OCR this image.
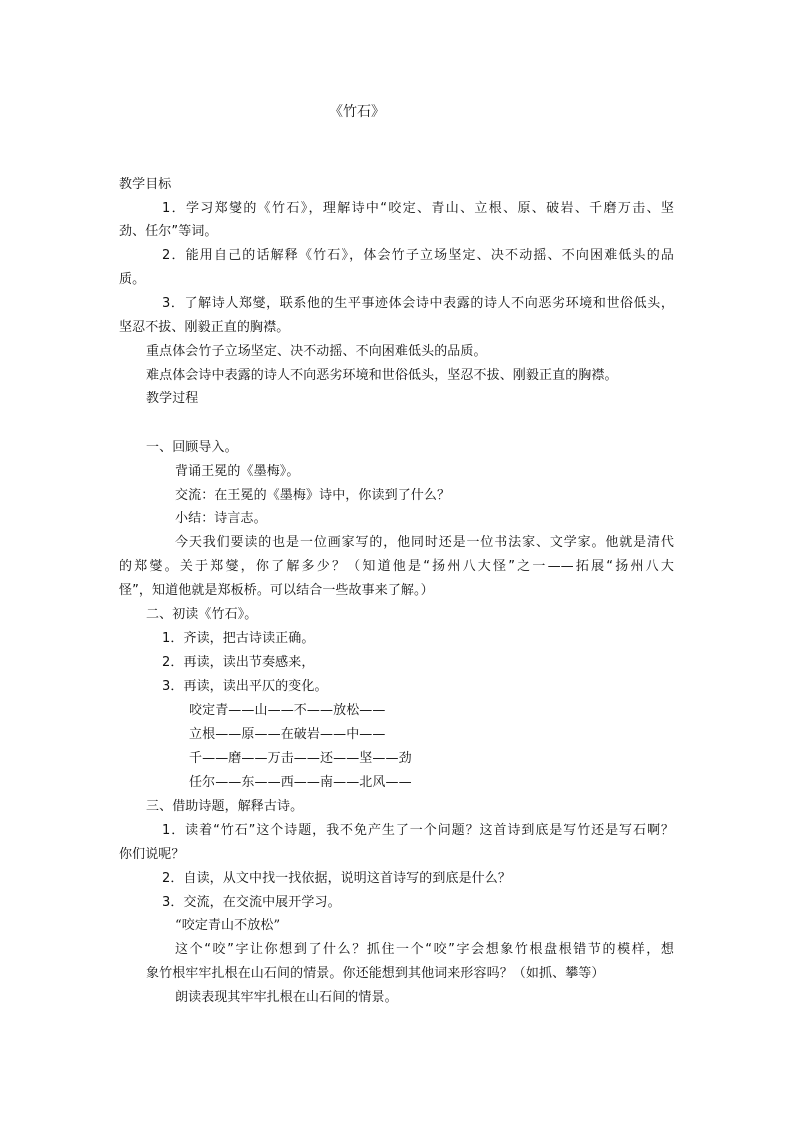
《竹石》
教学目标
1．学习郑燮的《竹石》，理解诗中“咬定、青山、立根、原、破岩、千磨万击、坚
劲、任尔”等词。
2．能用自己的话解释《竹石》，体会竹子立场坚定、决不动摇、不向困难低头的品
质。
3．了解诗人郑燮，联系他的生平事迹体会诗中表露的诗人不向恶劣环境和世俗低头，
坚忍不拔、刚毅正直的胸襟。
重点体会竹子立场坚定、决不动摇、不向困难低头的品质。
难点体会诗中表露的诗人不向恶劣环境和世俗低头，坚忍不拔、刚毅正直的胸襟。
教学过程
一、回顾导入。
背诵王冕的《墨梅》。
交流：在王冕的《墨梅》诗中，你读到了什么？
小结：诗言志。
今天我们要读的也是一位画家写的，他同时还是一位书法家、文学家。他就是清代
的郑燮。关于郑燮，你了解多少？（知道他是“扬州八大怪”之一——拓展“扬州八大
怪”，知道他就是郑板桥。可以结合一些故事来了解。）
二、初读《竹石》。
1．齐读，把古诗读正确。
2．再读，读出节奏感来，
3．再读，读出平仄的变化。
咬定青——山——不——放松——
立根——原——在破岩——中——
千——磨——万击——还——坚——劲
任尔——东——西——南——北风——
三、借助诗题，解释古诗。
1．读着“竹石”这个诗题，我不免产生了一个问题？这首诗到底是写竹还是写石啊？
你们说呢？
2．自读，从文中找一找依据，说明这首诗写的到底是什么？
3．交流，在交流中展开学习。
“咬定青山不放松”
这个“咬”字让你想到了什么？抓住一个“咬”字会想象竹根盘根错节的模样，想
象竹根牢牢扎根在山石间的情景。你还能想到其他词来形容吗？（如抓、攀等）
朗读表现其牢牢扎根在山石间的情景。
